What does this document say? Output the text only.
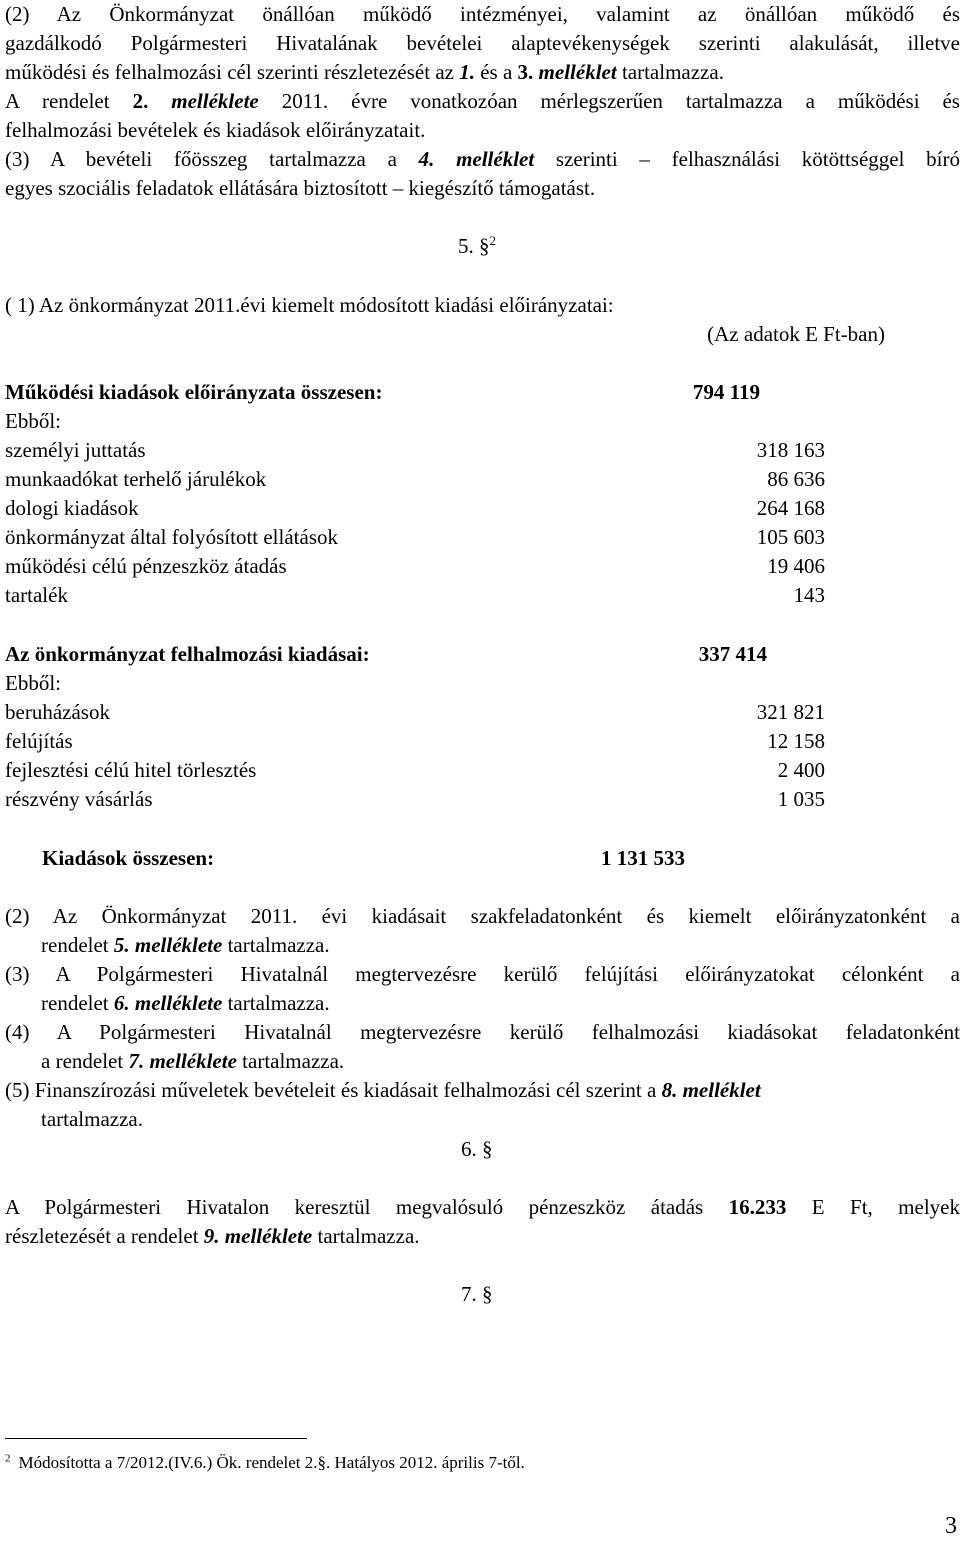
(2) Az Önkormányzat önállóan működő intézményei, valamint az önállóan működő és
gazdálkodó Polgármesteri Hivatalának bevételei alaptevékenységek szerinti alakulását, illetve
működési és felhalmozási cél szerinti részletezését az 1. és a 3. melléklet tartalmazza.
A rendelet 2. melléklete 2011. évre vonatkozóan mérlegszerűen tartalmazza a működési és
felhalmozási bevételek és kiadások előirányzatait.
(3) A bevételi főösszeg tartalmazza a 4. melléklet szerinti – felhasználási kötöttséggel bíró
egyes szociális feladatok ellátására biztosított – kiegészítő támogatást.
5. §$^2$
( 1) Az önkormányzat 2011.évi kiemelt módosított kiadási előirányzatai:
(Az adatok E Ft-ban)
Működési kiadások előirányzata összesen:	794 119
Ebből:
személyi juttatás	318 163
munkaadókat terhelő járulékok	86 636
dologi kiadások	264 168
önkormányzat által folyósított ellátások	105 603
működési célú pénzeszköz átadás	19 406
tartalék	143
Az önkormányzat felhalmozási kiadásai:	337 414
Ebből:
beruházások	321 821
felújítás	12 158
fejlesztési célú hitel törlesztés	2 400
részvény vásárlás	1 035
Kiadások összesen:	1 131 533
(2) Az Önkormányzat 2011. évi kiadásait szakfeladatonként és kiemelt előirányzatonként a
rendelet 5. melléklete tartalmazza.
(3) A Polgármesteri Hivatalnál megtervezésre kerülő felújítási előirányzatokat célonként a
rendelet 6. melléklete tartalmazza.
(4) A Polgármesteri Hivatalnál megtervezésre kerülő felhalmozási kiadásokat feladatonként
a rendelet 7. melléklete tartalmazza.
(5) Finanszírozási műveletek bevételeit és kiadásait felhalmozási cél szerint a 8. melléklet
tartalmazza.
6. §
A Polgármesteri Hivatalon keresztül megvalósuló pénzeszköz átadás 16.233 E Ft, melyek
részletezését a rendelet 9. melléklete tartalmazza.
7. §
$^2$ Módosította a 7/2012.(IV.6.) Ök. rendelet 2.§. Hatályos 2012. április 7-től.
3
